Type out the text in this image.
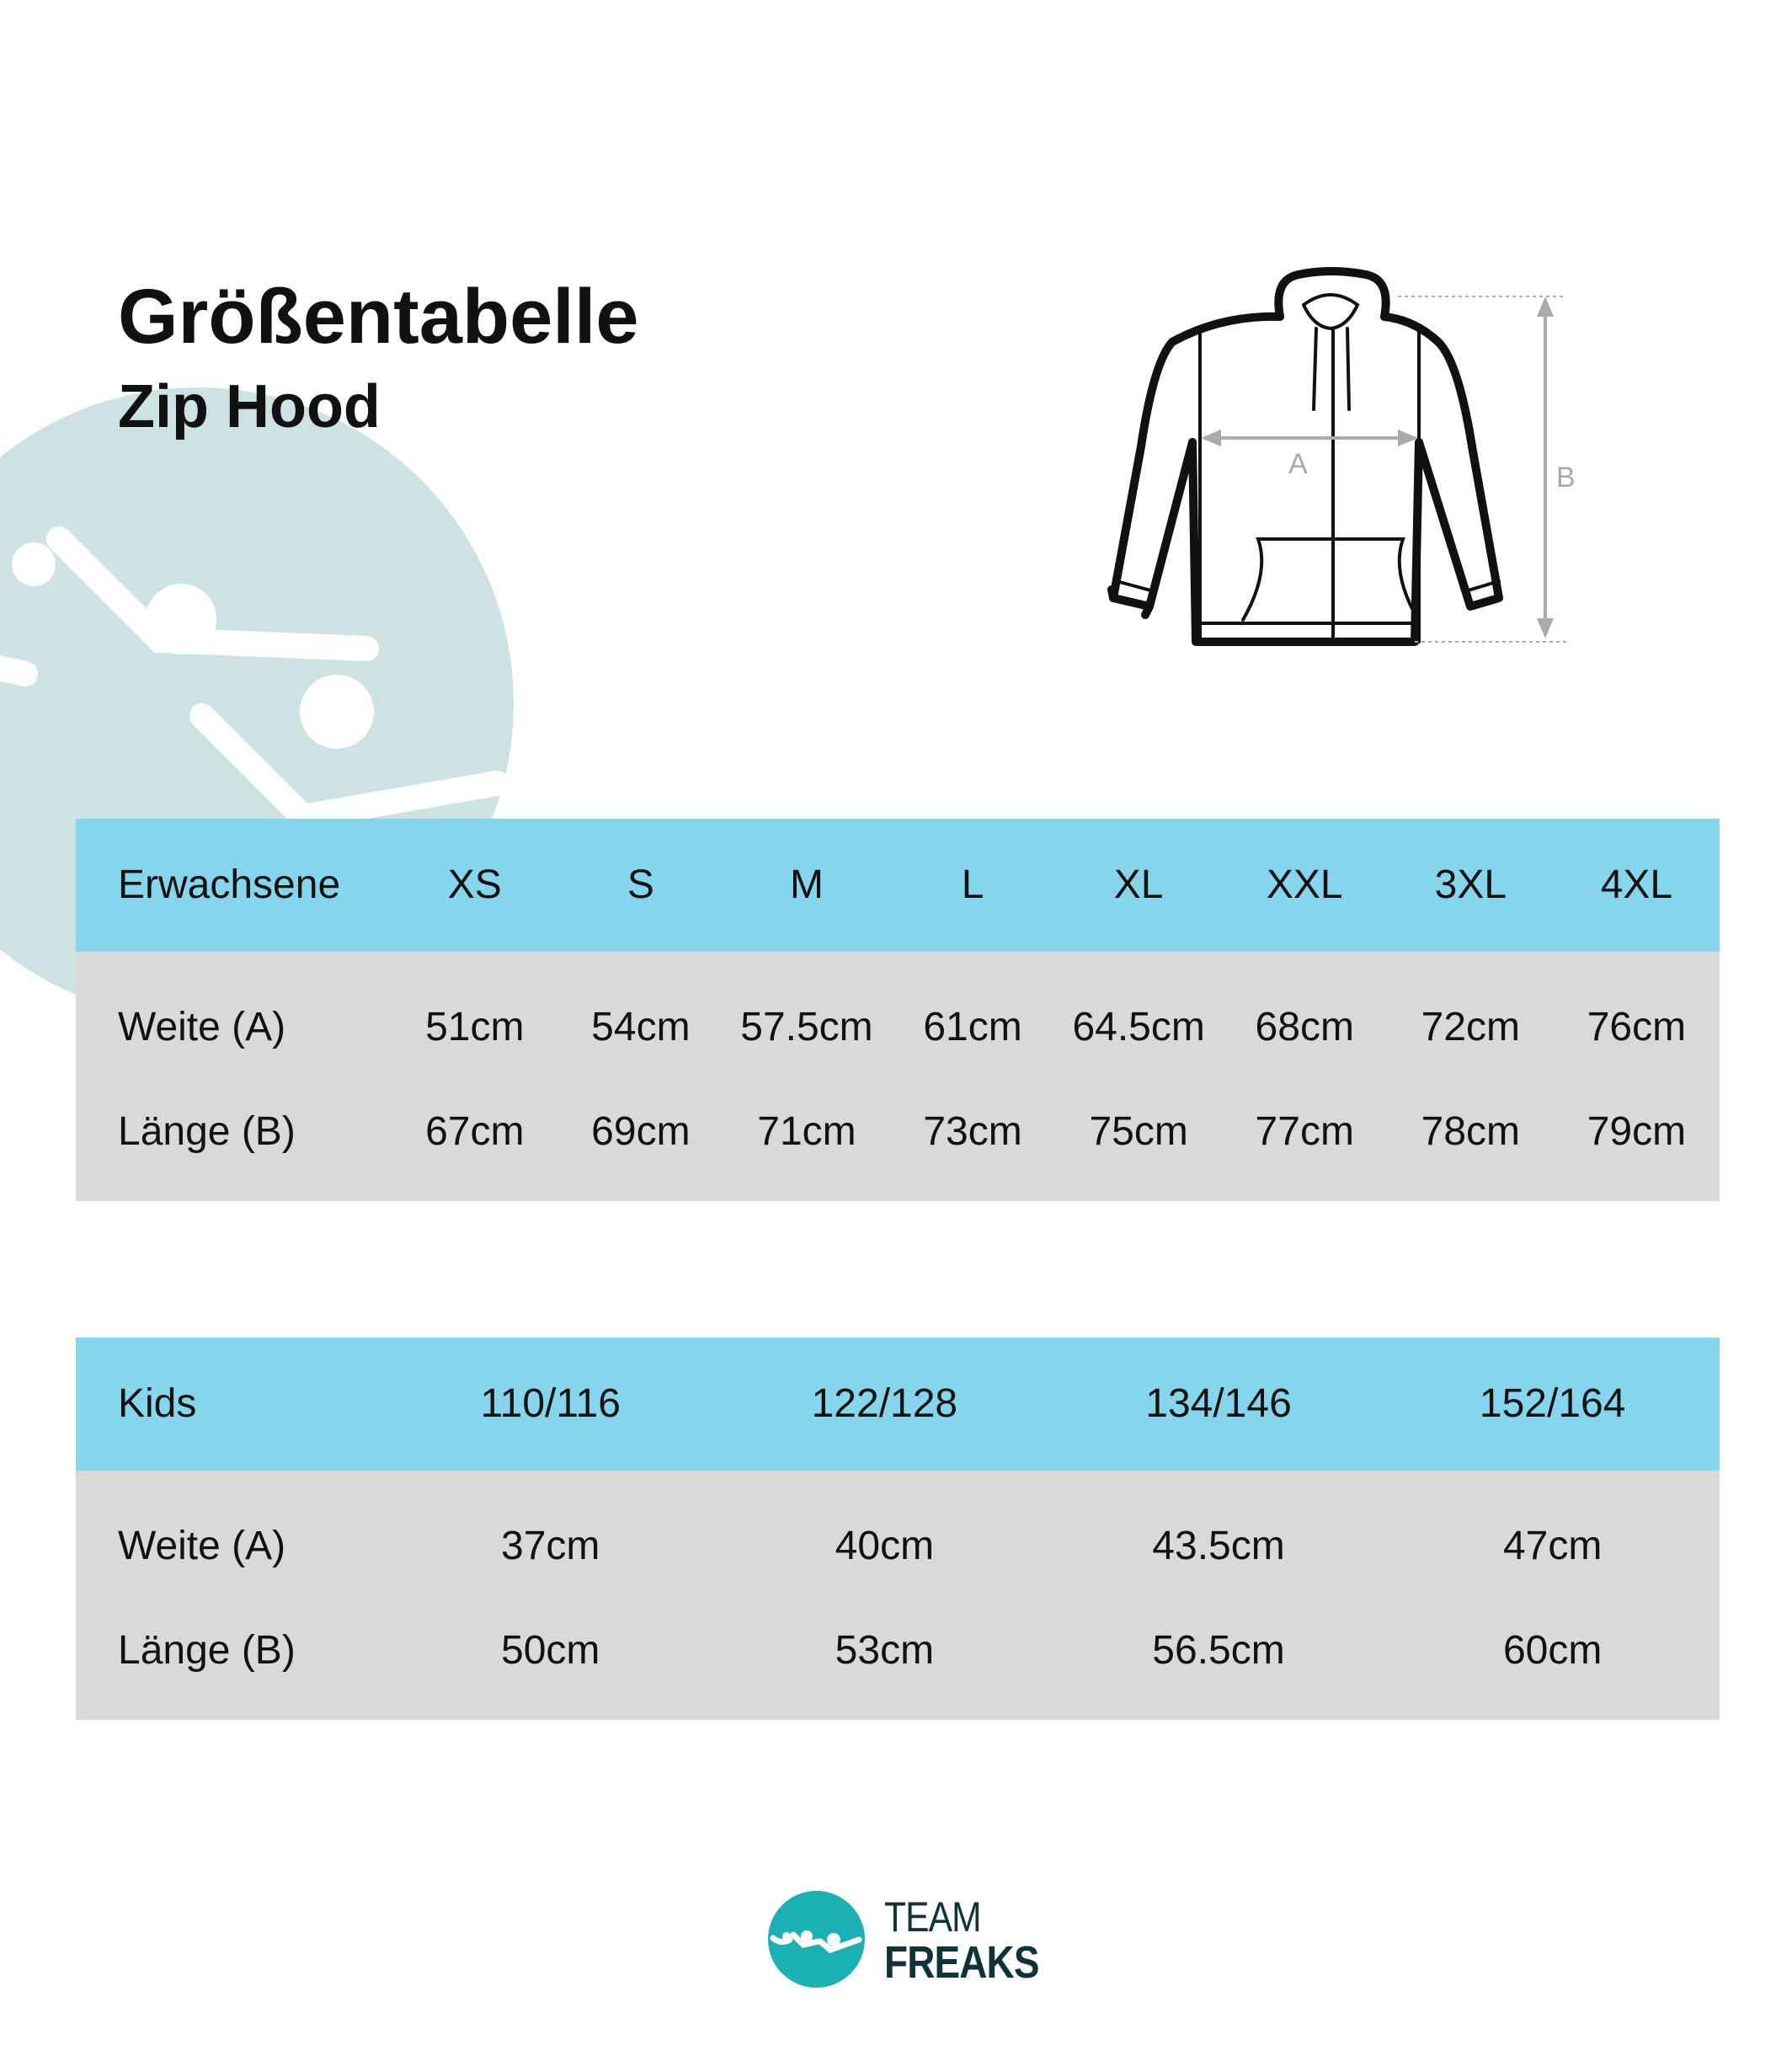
Größentabelle
Zip Hood
A	B
Erwachsene	XS	S	M	L	XL	XXL	3XL	4XL
Weite (A)	51cm	54cm	57.5cm	61cm	64.5cm	68cm	72cm	76cm
Länge (B)	67cm	69cm	71cm	73cm	75cm	77cm	78cm	79cm
Kids	110/116	122/128	134/146	152/164
Weite (A)	37cm	40cm	43.5cm	47cm
Länge (B)	50cm	53cm	56.5cm	60cm
TEAM
FREAKS
